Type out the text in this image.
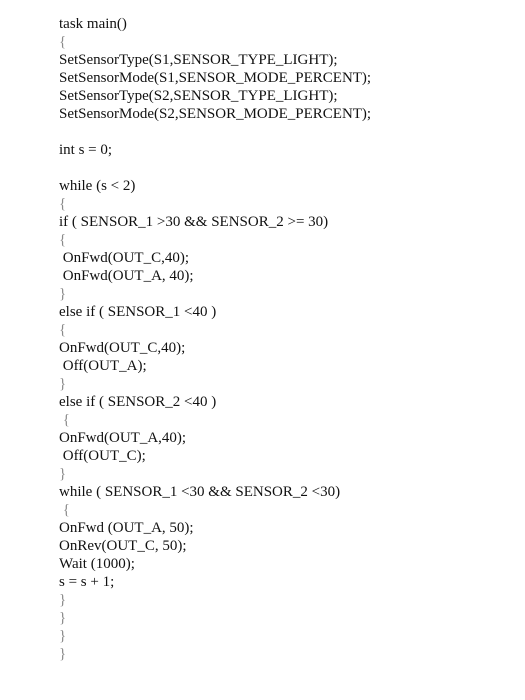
task main()
{
SetSensorType(S1,SENSOR_TYPE_LIGHT);
SetSensorMode(S1,SENSOR_MODE_PERCENT);
SetSensorType(S2,SENSOR_TYPE_LIGHT);
SetSensorMode(S2,SENSOR_MODE_PERCENT);
int s = 0;
while (s < 2)
{
if ( SENSOR_1 >30 && SENSOR_2 >= 30)
{
OnFwd(OUT_C,40);
OnFwd(OUT_A, 40);
}
else if ( SENSOR_1 <40 )
{
OnFwd(OUT_C,40);
Off(OUT_A);
}
else if ( SENSOR_2 <40 )
{
OnFwd(OUT_A,40);
Off(OUT_C);
}
while ( SENSOR_1 <30 && SENSOR_2 <30)
{
OnFwd (OUT_A, 50);
OnRev(OUT_C, 50);
Wait (1000);
s = s + 1;
}
}
}
}
